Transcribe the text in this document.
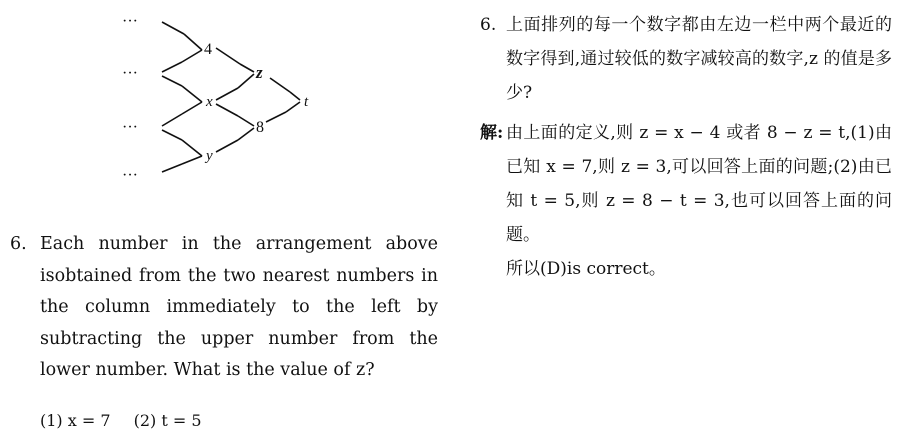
···
···
···
···
4
x
y
z
8
t
6. Each number in the arrangement above isobtained from the two nearest numbers in the column immediately to the left by subtracting the upper number from the lower number. What is the value of z?
(1) x = 7 (2) t = 5
6. 上面排列的每一个数字都由左边一栏中两个最近的数字得到,通过较低的数字减较高的数字,z 的值是多少?
解: 由上面的定义,则 z = x − 4 或者 8 − z = t,(1)由已知 x = 7,则 z = 3,可以回答上面的问题;(2)由已知 t = 5,则 z = 8 − t = 3,也可以回答上面的问题。
所以(D)is correct。
